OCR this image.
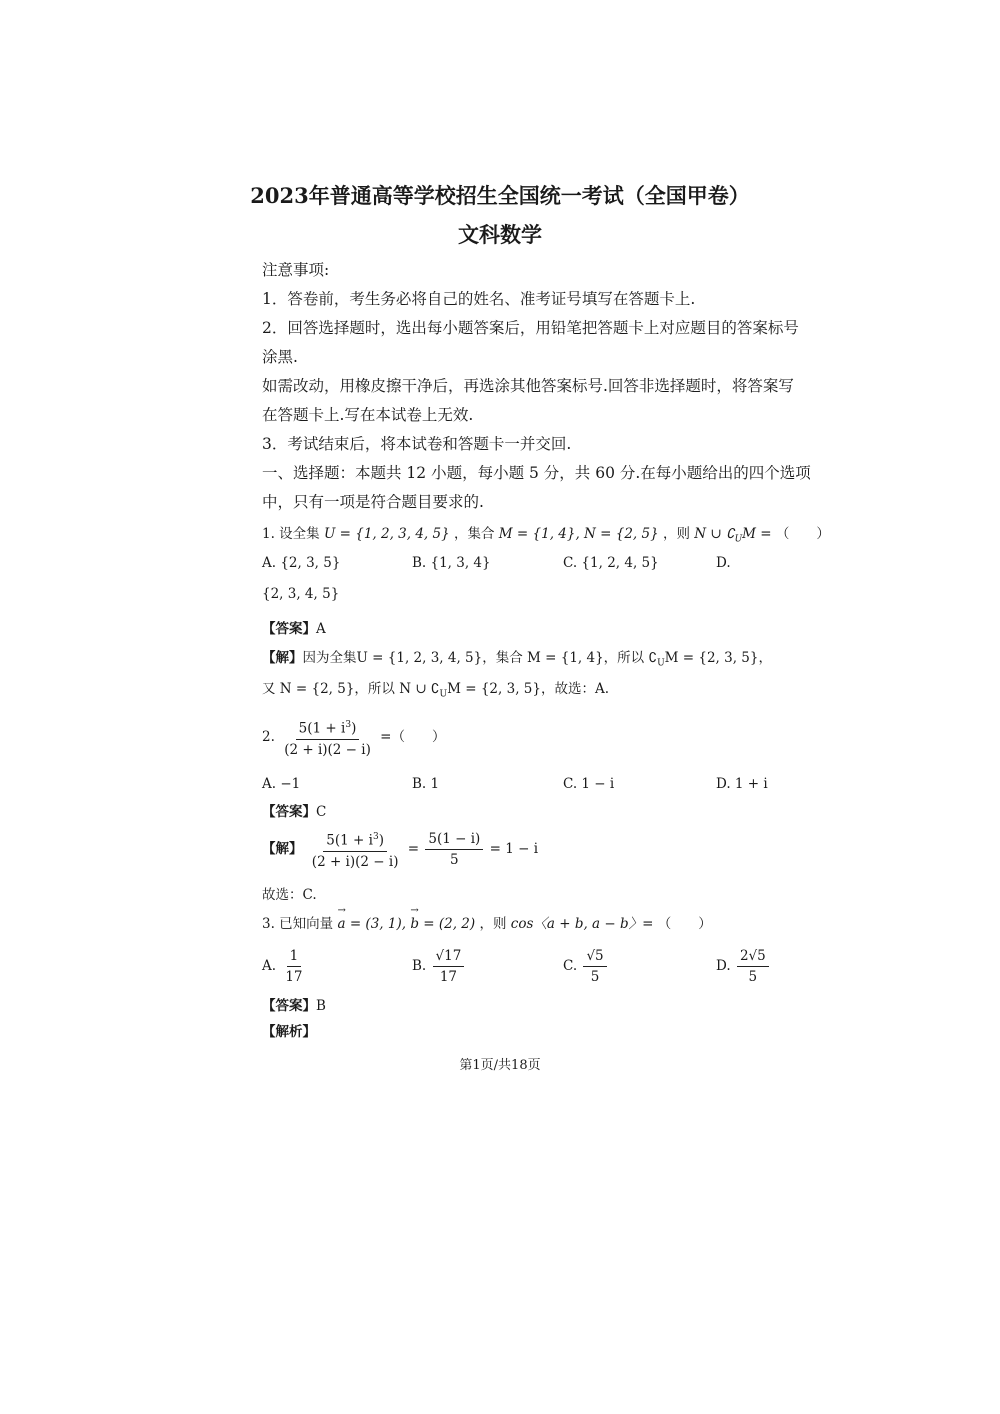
2023年普通高等学校招生全国统一考试（全国甲卷）
文科数学
注意事项:
1．答卷前，考生务必将自己的姓名、准考证号填写在答题卡上.
2．回答选择题时，选出每小题答案后，用铅笔把答题卡上对应题目的答案标号
涂黑.
如需改动，用橡皮擦干净后，再选涂其他答案标号.回答非选择题时，将答案写
在答题卡上.写在本试卷上无效.
3．考试结束后，将本试卷和答题卡一并交回.
一、选择题：本题共 12 小题，每小题 5 分，共 60 分.在每小题给出的四个选项
中，只有一项是符合题目要求的.
1. 设全集 U = {1, 2, 3, 4, 5} ，集合 M = {1, 4}, N = {2, 5} ，则 N ∪ $∁_UM$ = （　　）
A. {2, 3, 5}	B. {1, 3, 4}	C. {1, 2, 4, 5}	D.
{2, 3, 4, 5}
【答案】A
【解】因为全集U = {1, 2, 3, 4, 5}，集合 M = {1, 4}，所以 $∁_UM = \{2$, 3, 5}，
又 N = {2, 5}，所以 N ∪ $∁_UM = \{2$, 3, 5}，故选：A.
2. $\frac{5(1 + i^3)}{(2 + i)(2 - i)}$ =（　　）
A. −1	B. 1	C. 1 − i	D. 1 + i
【答案】C
【解】 $\frac{5(1 + i^3)}{(2 + i)(2 - i)} = \frac{5(1 - i)}{5} = 1 - i$
故选：C.
3. 已知向量 → a = (3, 1), → b = (2, 2) ，则 cos〈a + b, a − b〉= （　　）
A. $\frac{1}{17}$	B. $\frac{√17}{17}$	C. $\frac{√5}{5}$	D. $\frac{2√5}{5}$
【答案】B
【解析】
第1页/共18页
